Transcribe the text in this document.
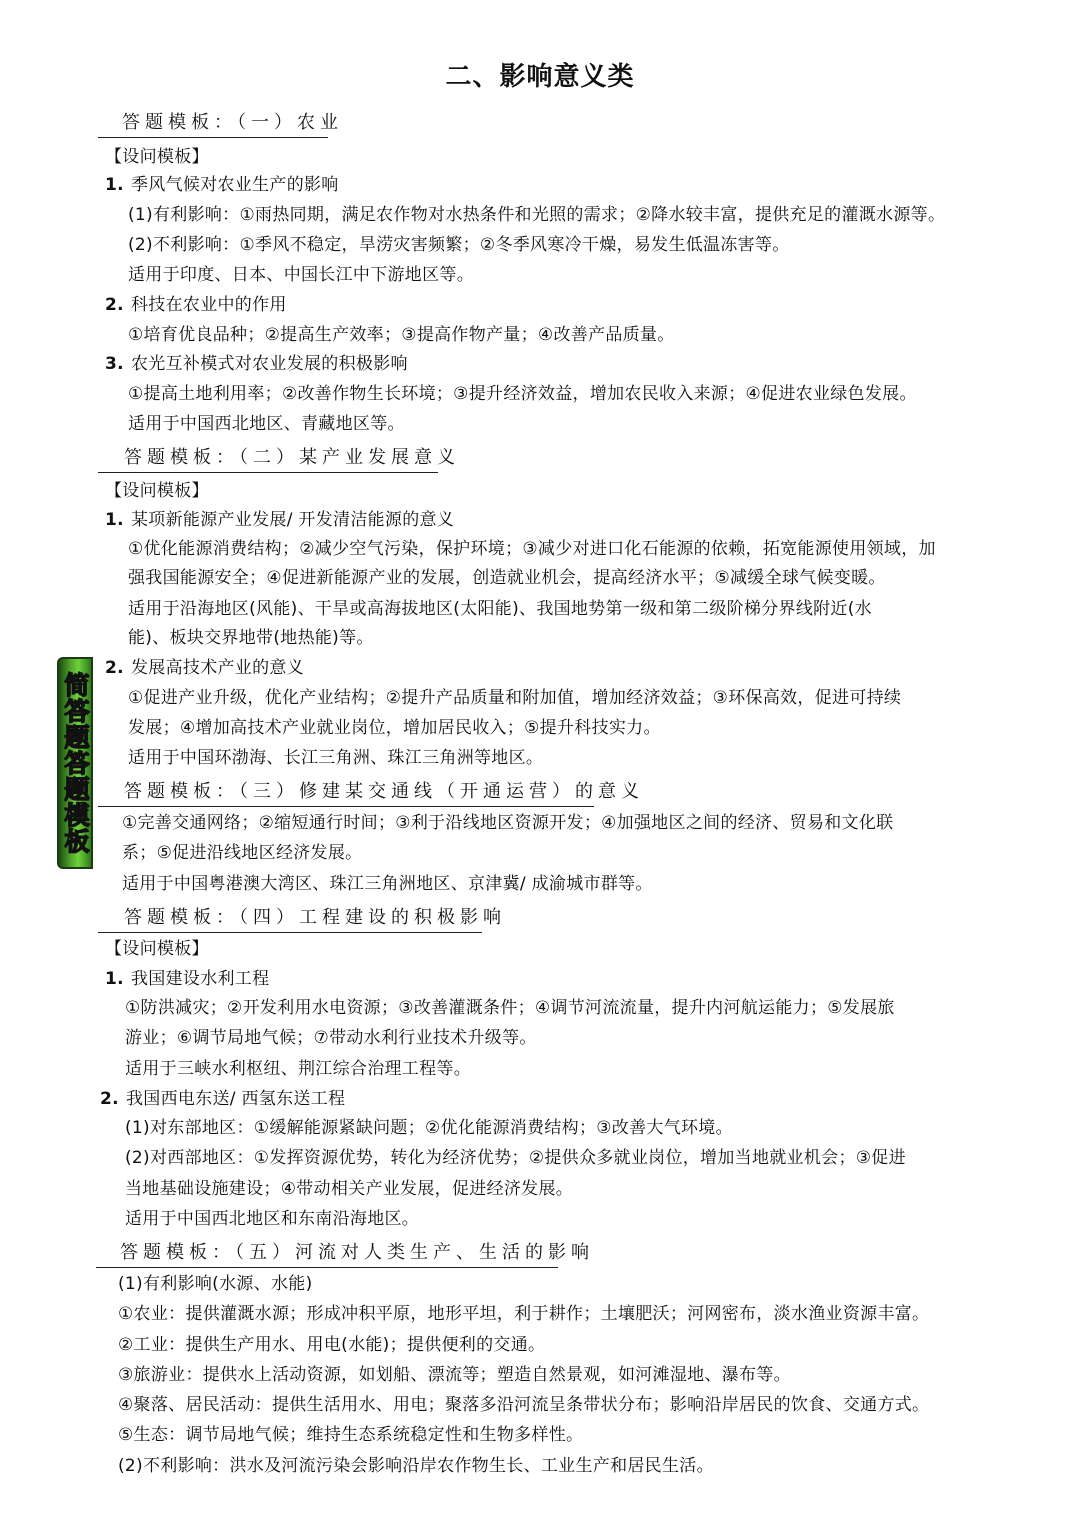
二、影响意义类
答题模板：（一）农业
【设问模板】
1. 季风气候对农业生产的影响
(1)有利影响：①雨热同期，满足农作物对水热条件和光照的需求；②降水较丰富，提供充足的灌溉水源等。
(2)不利影响：①季风不稳定，旱涝灾害频繁；②冬季风寒冷干燥，易发生低温冻害等。
适用于印度、日本、中国长江中下游地区等。
2. 科技在农业中的作用
①培育优良品种；②提高生产效率；③提高作物产量；④改善产品质量。
3. 农光互补模式对农业发展的积极影响
①提高土地利用率；②改善作物生长环境；③提升经济效益，增加农民收入来源；④促进农业绿色发展。
适用于中国西北地区、青藏地区等。
答题模板：（二）某产业发展意义
【设问模板】
1. 某项新能源产业发展/ 开发清洁能源的意义
①优化能源消费结构；②减少空气污染，保护环境；③减少对进口化石能源的依赖，拓宽能源使用领域，加
强我国能源安全；④促进新能源产业的发展，创造就业机会，提高经济水平；⑤减缓全球气候变暖。
适用于沿海地区(风能)、干旱或高海拔地区(太阳能)、我国地势第一级和第二级阶梯分界线附近(水
能)、板块交界地带(地热能)等。
2. 发展高技术产业的意义
①促进产业升级，优化产业结构；②提升产品质量和附加值，增加经济效益；③环保高效，促进可持续
发展；④增加高技术产业就业岗位，增加居民收入；⑤提升科技实力。
适用于中国环渤海、长江三角洲、珠江三角洲等地区。
答题模板：（三）修建某交通线（开通运营）的意义
①完善交通网络；②缩短通行时间；③利于沿线地区资源开发；④加强地区之间的经济、贸易和文化联
系；⑤促进沿线地区经济发展。
适用于中国粤港澳大湾区、珠江三角洲地区、京津冀/ 成渝城市群等。
答题模板：（四）工程建设的积极影响
【设问模板】
1. 我国建设水利工程
①防洪减灾；②开发利用水电资源；③改善灌溉条件；④调节河流流量，提升内河航运能力；⑤发展旅
游业；⑥调节局地气候；⑦带动水利行业技术升级等。
适用于三峡水利枢纽、荆江综合治理工程等。
2. 我国西电东送/ 西氢东送工程
(1)对东部地区：①缓解能源紧缺问题；②优化能源消费结构；③改善大气环境。
(2)对西部地区：①发挥资源优势，转化为经济优势；②提供众多就业岗位，增加当地就业机会；③促进
当地基础设施建设；④带动相关产业发展，促进经济发展。
适用于中国西北地区和东南沿海地区。
答题模板：（五）河流对人类生产、生活的影响
(1)有利影响(水源、水能)
①农业：提供灌溉水源；形成冲积平原，地形平坦，利于耕作；土壤肥沃；河网密布，淡水渔业资源丰富。
②工业：提供生产用水、用电(水能)；提供便利的交通。
③旅游业：提供水上活动资源，如划船、漂流等；塑造自然景观，如河滩湿地、瀑布等。
④聚落、居民活动：提供生活用水、用电；聚落多沿河流呈条带状分布；影响沿岸居民的饮食、交通方式。
⑤生态：调节局地气候；维持生态系统稳定性和生物多样性。
(2)不利影响：洪水及河流污染会影响沿岸农作物生长、工业生产和居民生活。
简答题答题模板
